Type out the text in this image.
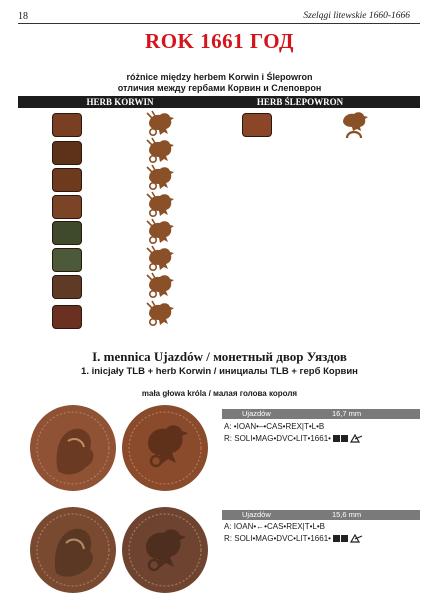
18	Szelągi litewskie 1660-1666
ROK 1661 ГОД
różnice między herbem Korwin i Ślepowron
отличия между гербами Корвин и Слеповрон
HERB KORWIN	HERB ŚLEPOWRON
I. mennica Ujazdów / монетный двор Уяздов
1. inicjały TLB + herb Korwin / инициалы TLB + герб Корвин
mała głowa króla / малая голова короля
Ujazdów	16,7 mm
A: •IOAN•–•CAS•REX|T•L•B
R: SOLI•MAG•DVC•LIT•1661•
Ujazdów	15,6 mm
A: IOAN•←•CAS•REX|T•L•B
R: SOLI•MAG•DVC•LIT•1661•
